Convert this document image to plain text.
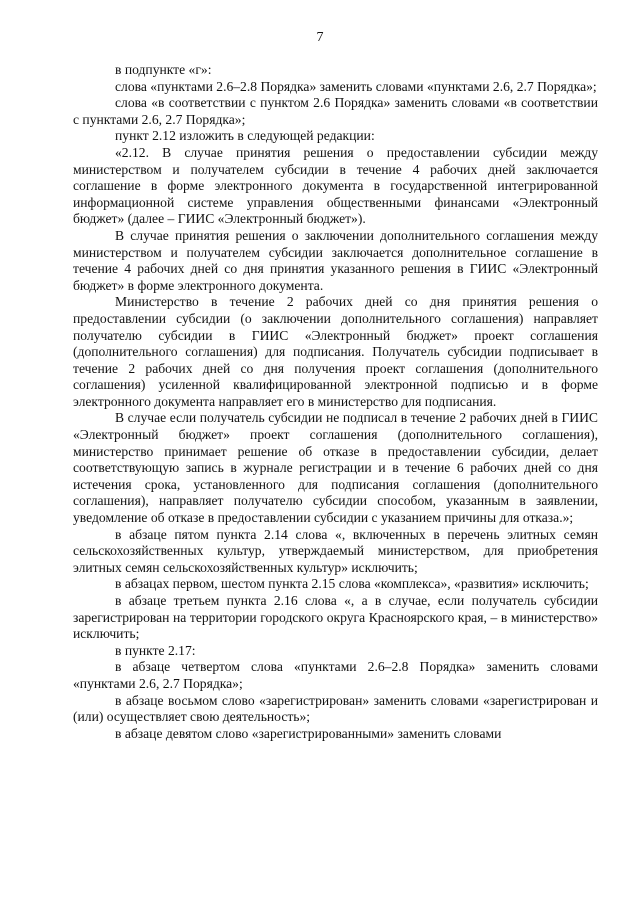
7

в подпункте «г»:

слова «пунктами 2.6–2.8 Порядка» заменить словами «пунктами 2.6, 2.7 Порядка»;

слова «в соответствии с пунктом 2.6 Порядка» заменить словами «в соответствии с пунктами 2.6, 2.7 Порядка»;

пункт 2.12 изложить в следующей редакции:

«2.12. В случае принятия решения о предоставлении субсидии между министерством и получателем субсидии в течение 4 рабочих дней заключается соглашение в форме электронного документа в государственной интегрированной информационной системе управления общественными финансами «Электронный бюджет» (далее – ГИИС «Электронный бюджет»).

В случае принятия решения о заключении дополнительного соглашения между министерством и получателем субсидии заключается дополнительное соглашение в течение 4 рабочих дней со дня принятия указанного решения в ГИИС «Электронный бюджет» в форме электронного документа.

Министерство в течение 2 рабочих дней со дня принятия решения о предоставлении субсидии (о заключении дополнительного соглашения) направляет получателю субсидии в ГИИС «Электронный бюджет» проект соглашения (дополнительного соглашения) для подписания. Получатель субсидии подписывает в течение 2 рабочих дней со дня получения проект соглашения (дополнительного соглашения) усиленной квалифицированной электронной подписью и в форме электронного документа направляет его в министерство для подписания.

В случае если получатель субсидии не подписал в течение 2 рабочих дней в ГИИС «Электронный бюджет» проект соглашения (дополнительного соглашения), министерство принимает решение об отказе в предоставлении субсидии, делает соответствующую запись в журнале регистрации и в течение 6 рабочих дней со дня истечения срока, установленного для подписания соглашения (дополнительного соглашения), направляет получателю субсидии способом, указанным в заявлении, уведомление об отказе в предоставлении субсидии с указанием причины для отказа.»;

в абзаце пятом пункта 2.14 слова «, включенных в перечень элитных семян сельскохозяйственных культур, утверждаемый министерством, для приобретения элитных семян сельскохозяйственных культур» исключить;

в абзацах первом, шестом пункта 2.15 слова «комплекса», «развития» исключить;

в абзаце третьем пункта 2.16 слова «, а в случае, если получатель субсидии зарегистрирован на территории городского округа Красноярского края, – в министерство» исключить;

в пункте 2.17:

в абзаце четвертом слова «пунктами 2.6–2.8 Порядка» заменить словами «пунктами 2.6, 2.7 Порядка»;

в абзаце восьмом слово «зарегистрирован» заменить словами «зарегистрирован и (или) осуществляет свою деятельность»;

в абзаце девятом слово «зарегистрированными» заменить словами
